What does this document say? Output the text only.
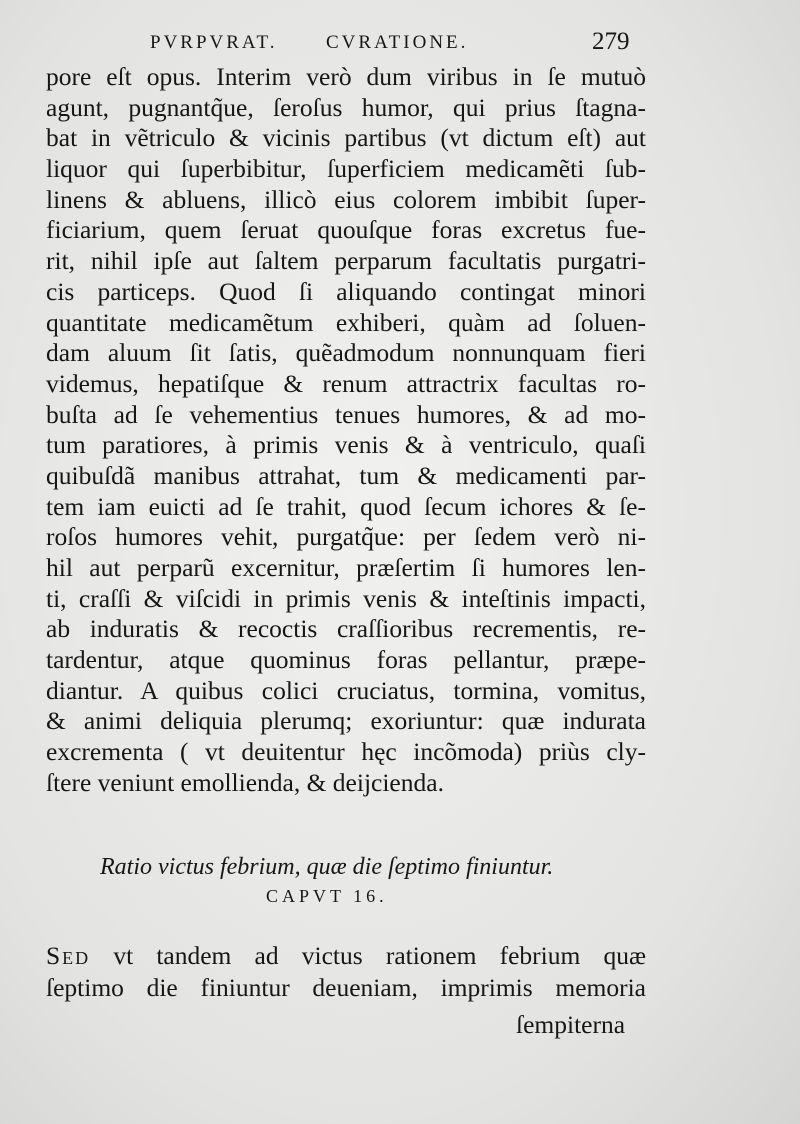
PVRPVRAT.	CVRATIONE.	279
pore eſt opus. Interim verò dum viribus in ſe mutuò
agunt, pugnantq̃ue, ſeroſus humor, qui prius ſtagna-
bat in vẽtriculo & vicinis partibus (vt dictum eſt) aut
liquor qui ſuperbibitur, ſuperficiem medicamẽti ſub-
linens & abluens, illicò eius colorem imbibit ſuper-
ficiarium, quem ſeruat quouſque foras excretus fue-
rit, nihil ipſe aut ſaltem perparum facultatis purgatri-
cis particeps. Quod ſi aliquando contingat minori
quantitate medicamẽtum exhiberi, quàm ad ſoluen-
dam aluum ſit ſatis, quẽadmodum nonnunquam fieri
videmus, hepatiſque & renum attractrix facultas ro-
buſta ad ſe vehementius tenues humores, & ad mo-
tum paratiores, à primis venis & à ventriculo, quaſi
quibuſdã manibus attrahat, tum & medicamenti par-
tem iam euicti ad ſe trahit, quod ſecum ichores & ſe-
roſos humores vehit, purgatq̃ue: per ſedem verò ni-
hil aut perparũ excernitur, præſertim ſi humores len-
ti, craſſi & viſcidi in primis venis & inteſtinis impacti,
ab induratis & recoctis craſſioribus recrementis, re-
tardentur, atque quominus foras pellantur, præpe-
diantur. A quibus colici cruciatus, tormina, vomitus,
& animi deliquia plerumq; exoriuntur: quæ indurata
excrementa ( vt deuitentur hęc incõmoda) priùs cly-
ſtere veniunt emollienda, & deijcienda.
Ratio victus febrium, quæ die ſeptimo finiuntur.
CAPVT 16.
Sed vt tandem ad victus rationem febrium quæ
ſeptimo die finiuntur deueniam, imprimis memoria
ſempiterna
